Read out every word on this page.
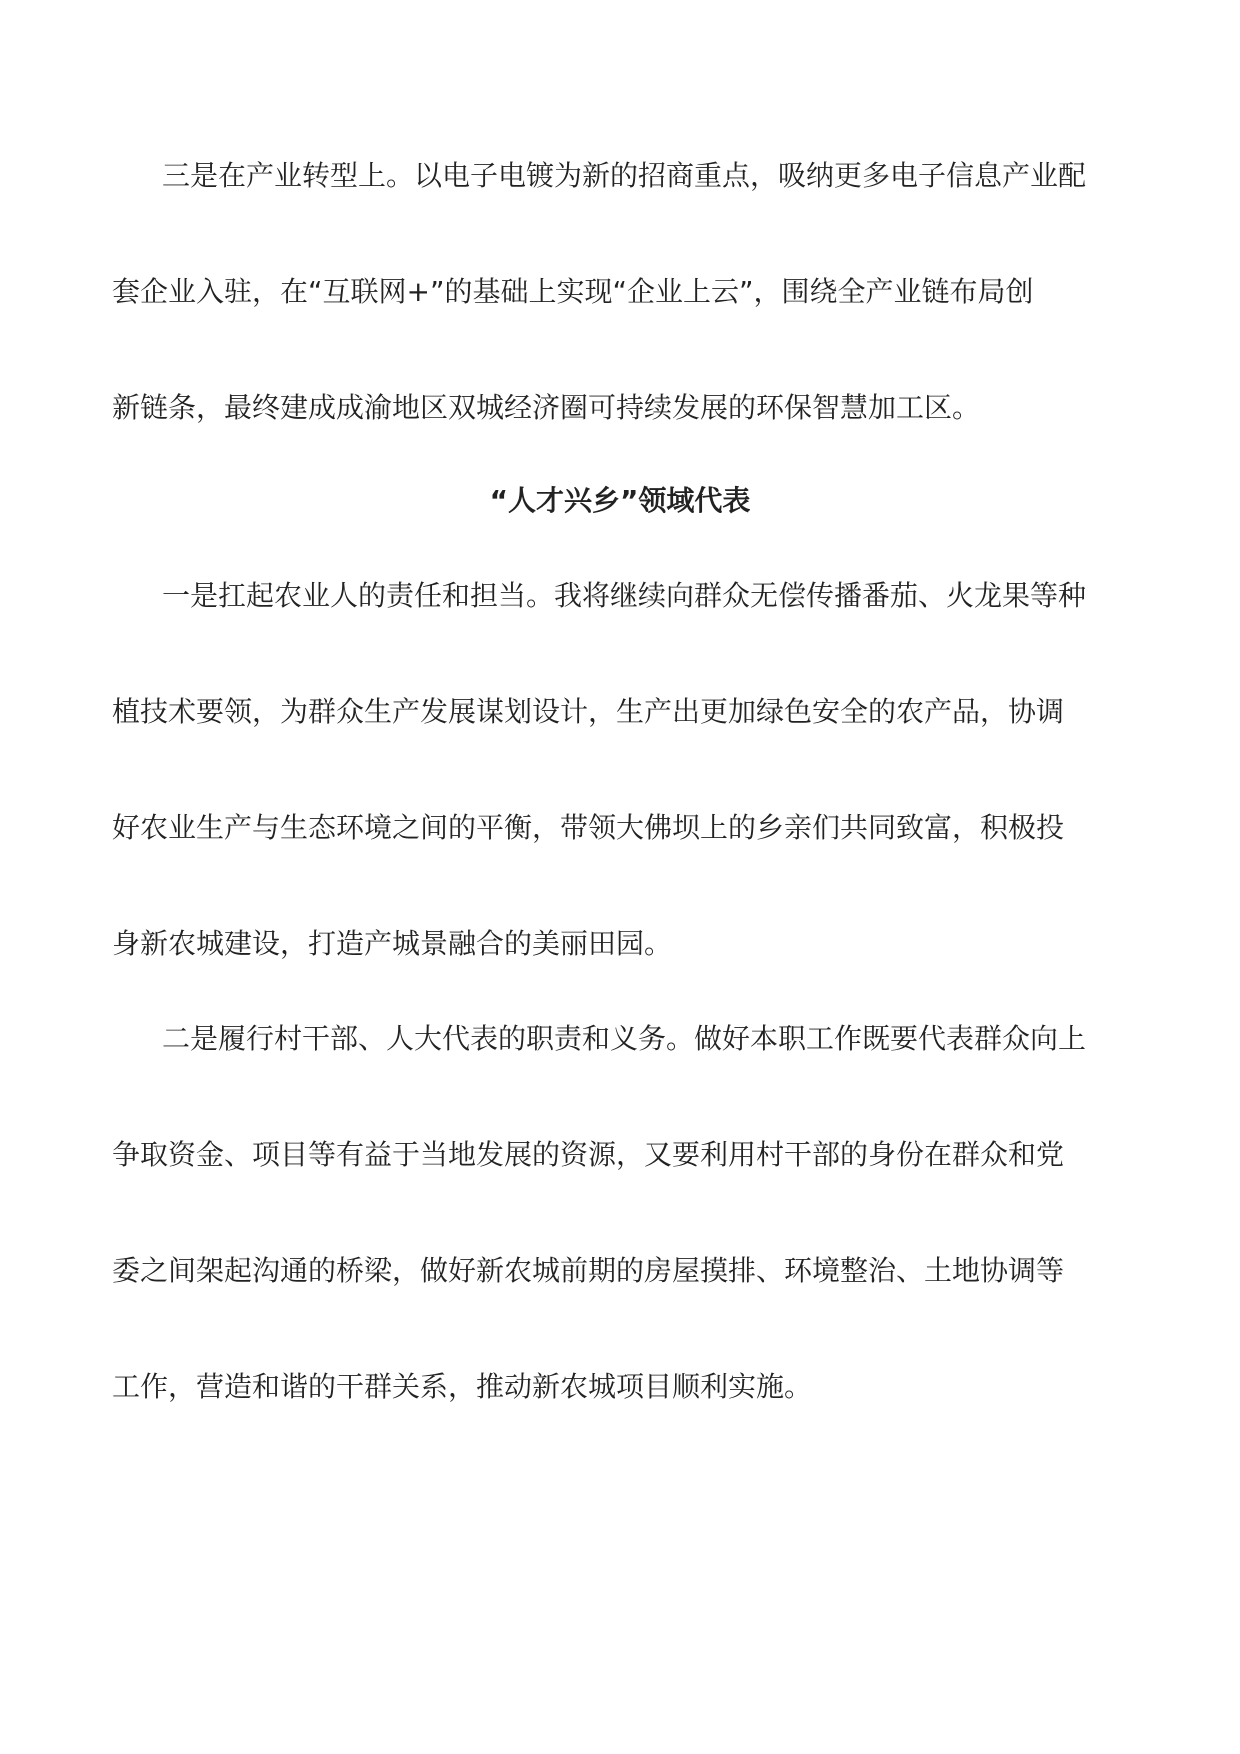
三是在产业转型上。以电子电镀为新的招商重点，吸纳更多电子信息产业配
套企业入驻，在“互联网+”的基础上实现“企业上云”，围绕全产业链布局创
新链条，最终建成成渝地区双城经济圈可持续发展的环保智慧加工区。
“人才兴乡”领域代表
一是扛起农业人的责任和担当。我将继续向群众无偿传播番茄、火龙果等种
植技术要领，为群众生产发展谋划设计，生产出更加绿色安全的农产品，协调
好农业生产与生态环境之间的平衡，带领大佛坝上的乡亲们共同致富，积极投
身新农城建设，打造产城景融合的美丽田园。
二是履行村干部、人大代表的职责和义务。做好本职工作既要代表群众向上
争取资金、项目等有益于当地发展的资源，又要利用村干部的身份在群众和党
委之间架起沟通的桥梁，做好新农城前期的房屋摸排、环境整治、土地协调等
工作，营造和谐的干群关系，推动新农城项目顺利实施。
